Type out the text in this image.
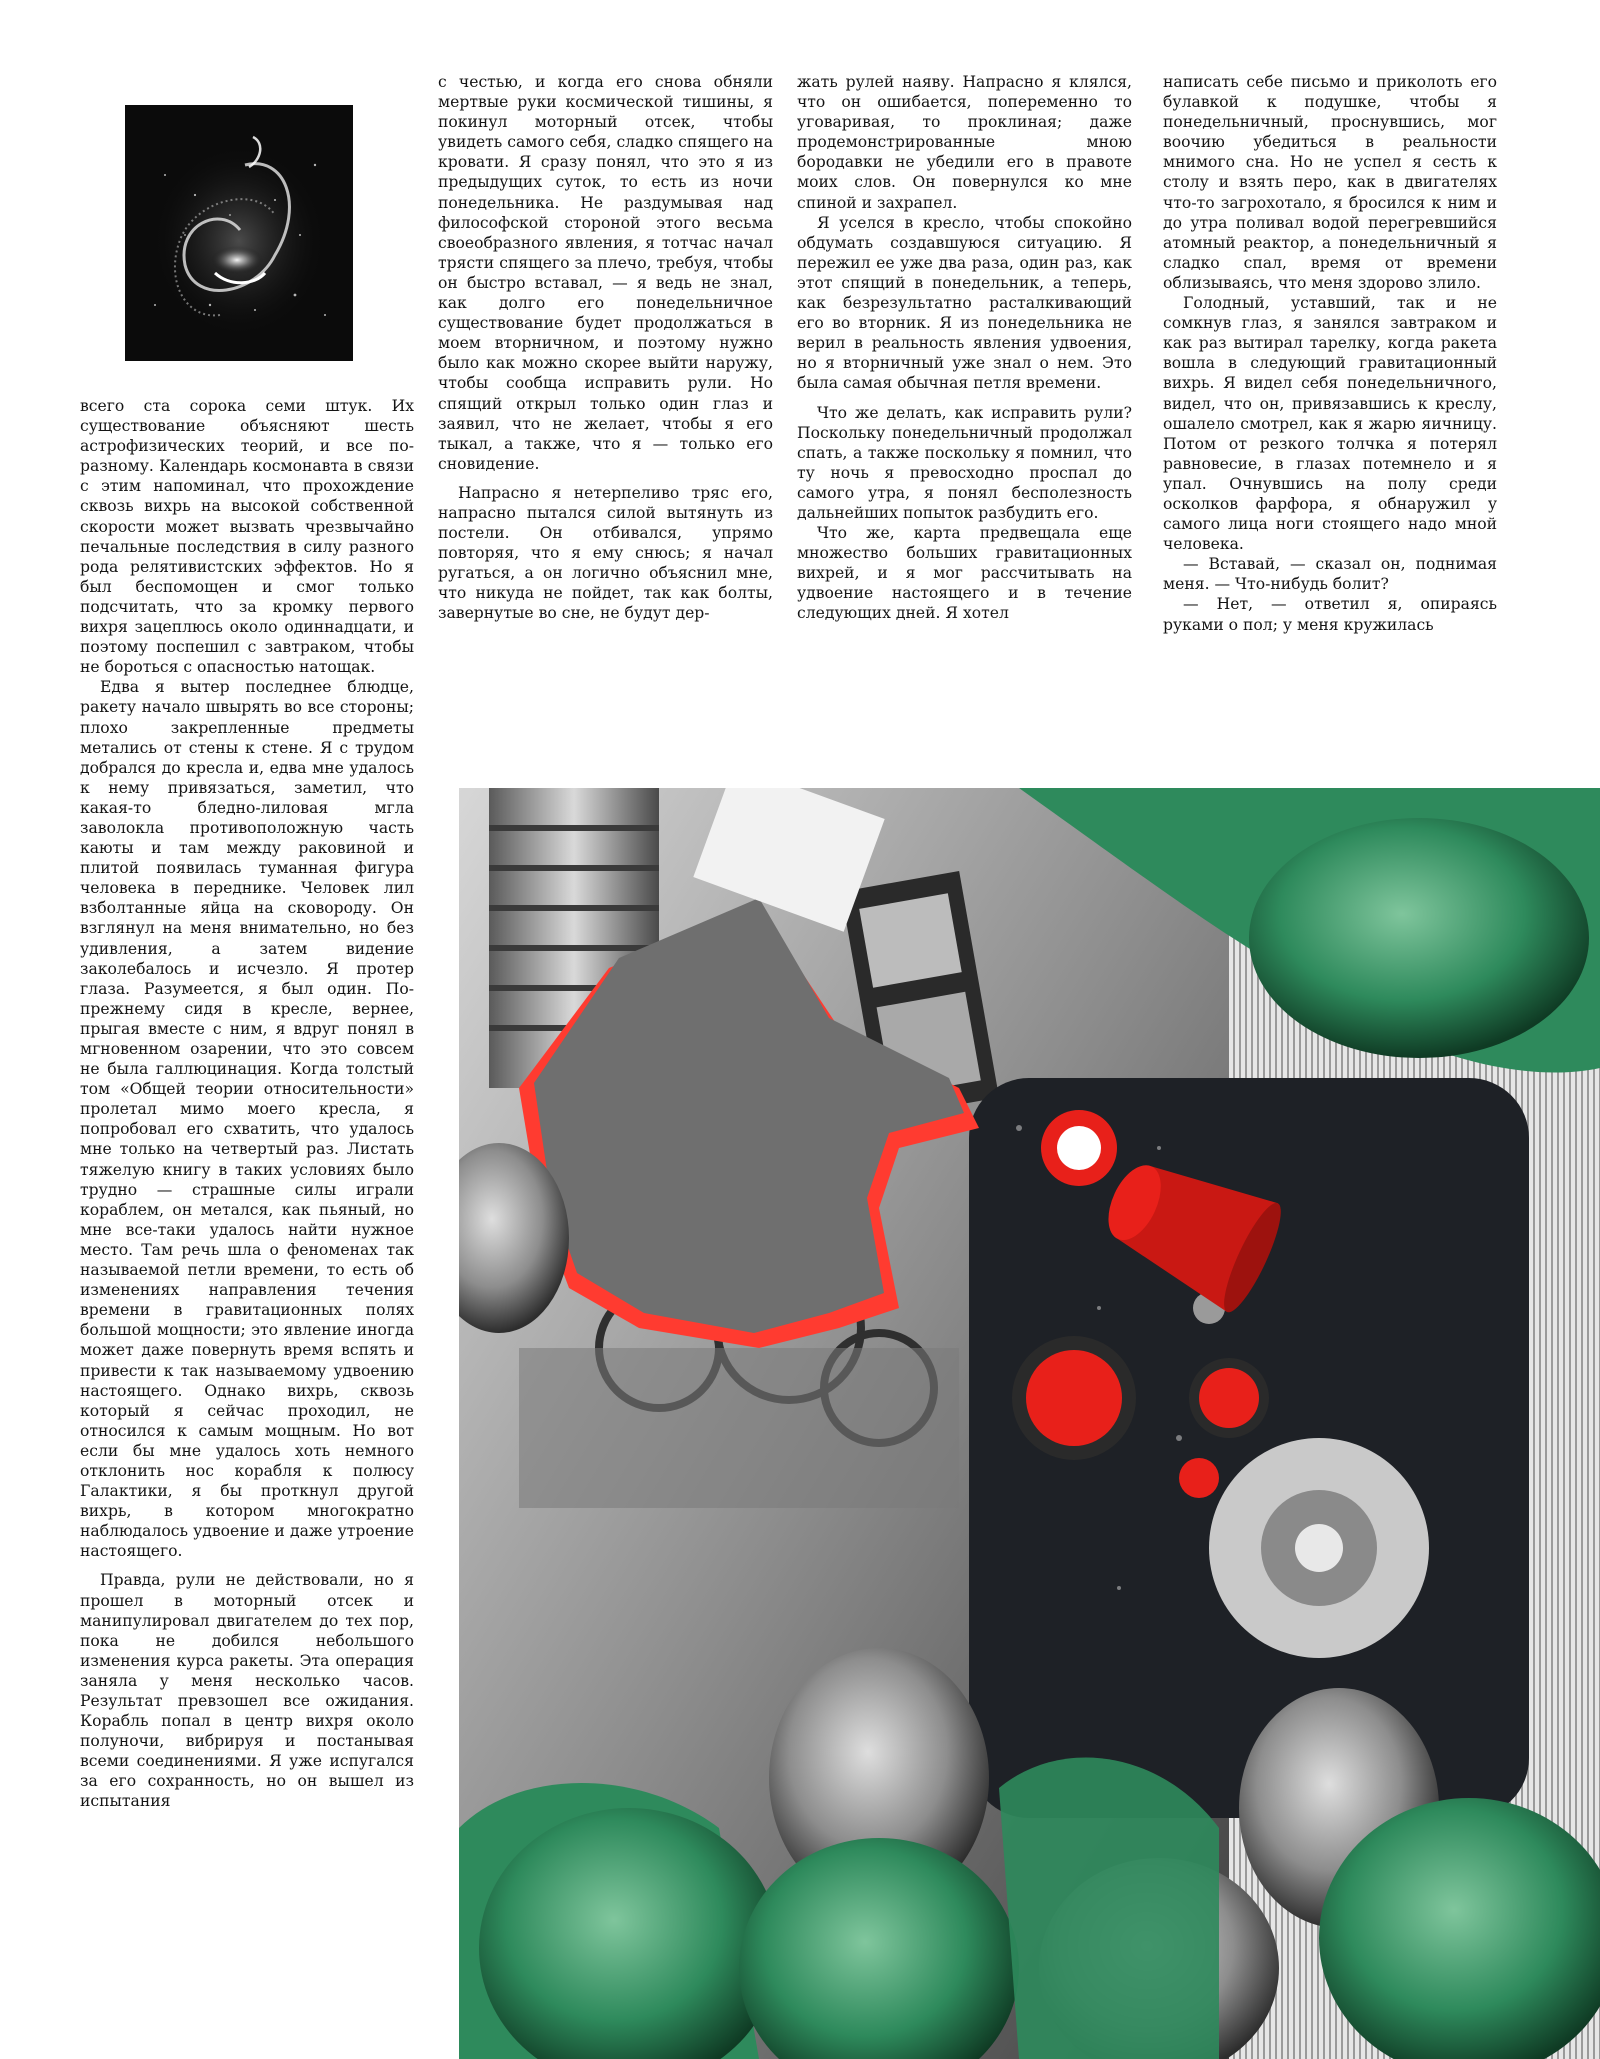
всего ста сорока семи штук. Их существование объясняют шесть астрофизических теорий, и все по-разному. Календарь космонавта в связи с этим напоминал, что прохождение сквозь вихрь на высокой собственной скорости может вызвать чрезвычайно печальные последствия в силу разного рода релятивистских эффектов. Но я был беспомощен и смог только подсчитать, что за кромку первого вихря зацеплюсь около одиннадцати, и поэтому поспешил с завтраком, чтобы не бороться с опасностью натощак.

Едва я вытер последнее блюдце, ракету начало швырять во все стороны; плохо закрепленные предметы метались от стены к стене. Я с трудом добрался до кресла и, едва мне удалось к нему привязаться, заметил, что какая-то бледно-лиловая мгла заволокла противоположную часть каюты и там между раковиной и плитой появилась туманная фигура человека в переднике. Человек лил взболтанные яйца на сковороду. Он взглянул на меня внимательно, но без удивления, а затем видение заколебалось и исчезло. Я протер глаза. Разумеется, я был один. По-прежнему сидя в кресле, вернее, прыгая вместе с ним, я вдруг понял в мгновенном озарении, что это совсем не была галлюцинация. Когда толстый том «Общей теории относительности» пролетал мимо моего кресла, я попробовал его схватить, что удалось мне только на четвертый раз. Листать тяжелую книгу в таких условиях было трудно — страшные силы играли кораблем, он метался, как пьяный, но мне все-таки удалось найти нужное место. Там речь шла о феноменах так называемой петли времени, то есть об изменениях направления течения времени в гравитационных полях большой мощности; это явление иногда может даже повернуть время вспять и привести к так называемому удвоению настоящего. Однако вихрь, сквозь который я сейчас проходил, не относился к самым мощным. Но вот если бы мне удалось хоть немного отклонить нос корабля к полюсу Галактики, я бы проткнул другой вихрь, в котором многократно наблюдалось удвоение и даже утроение настоящего.

Правда, рули не действовали, но я прошел в моторный отсек и манипулировал двигателем до тех пор, пока не добился небольшого изменения курса ракеты. Эта операция заняла у меня несколько часов. Результат превзошел все ожидания. Корабль попал в центр вихря около полуночи, вибрируя и постанывая всеми соединениями. Я уже испугался за его сохранность, но он вышел из испытания

с честью, и когда его снова обняли мертвые руки космической тишины, я покинул моторный отсек, чтобы увидеть самого себя, сладко спящего на кровати. Я сразу понял, что это я из предыдущих суток, то есть из ночи понедельника. Не раздумывая над философской стороной этого весьма своеобразного явления, я тотчас начал трясти спящего за плечо, требуя, чтобы он быстро вставал, — я ведь не знал, как долго его понедельничное существование будет продолжаться в моем вторничном, и поэтому нужно было как можно скорее выйти наружу, чтобы сообща исправить рули. Но спящий открыл только один глаз и заявил, что не желает, чтобы я его тыкал, а также, что я — только его сновидение.

Напрасно я нетерпеливо тряс его, напрасно пытался силой вытянуть из постели. Он отбивался, упрямо повторяя, что я ему снюсь; я начал ругаться, а он логично объяснил мне, что никуда не пойдет, так как болты, завернутые во сне, не будут дер-

жать рулей наяву. Напрасно я клялся, что он ошибается, попеременно то уговаривая, то проклиная; даже продемонстрированные мною бородавки не убедили его в правоте моих слов. Он повернулся ко мне спиной и захрапел.

Я уселся в кресло, чтобы спокойно обдумать создавшуюся ситуацию. Я пережил ее уже два раза, один раз, как этот спящий в понедельник, а теперь, как безрезультатно расталкивающий его во вторник. Я из понедельника не верил в реальность явления удвоения, но я вторничный уже знал о нем. Это была самая обычная петля времени.

Что же делать, как исправить рули? Поскольку понедельничный продолжал спать, а также поскольку я помнил, что ту ночь я превосходно проспал до самого утра, я понял бесполезность дальнейших попыток разбудить его.

Что же, карта предвещала еще множество больших гравитационных вихрей, и я мог рассчитывать на удвоение настоящего и в течение следующих дней. Я хотел

написать себе письмо и приколоть его булавкой к подушке, чтобы я понедельничный, проснувшись, мог воочию убедиться в реальности мнимого сна. Но не успел я сесть к столу и взять перо, как в двигателях что-то загрохотало, я бросился к ним и до утра поливал водой перегревшийся атомный реактор, а понедельничный я сладко спал, время от времени облизываясь, что меня здорово злило.

Голодный, уставший, так и не сомкнув глаз, я занялся завтраком и как раз вытирал тарелку, когда ракета вошла в следующий гравитационный вихрь. Я видел себя понедельничного, видел, что он, привязавшись к креслу, ошалело смотрел, как я жарю яичницу. Потом от резкого толчка я потерял равновесие, в глазах потемнело и я упал. Очнувшись на полу среди осколков фарфора, я обнаружил у самого лица ноги стоящего надо мной человека.

— Вставай, — сказал он, поднимая меня. — Что-нибудь болит?

— Нет, — ответил я, опираясь руками о пол; у меня кружилась
